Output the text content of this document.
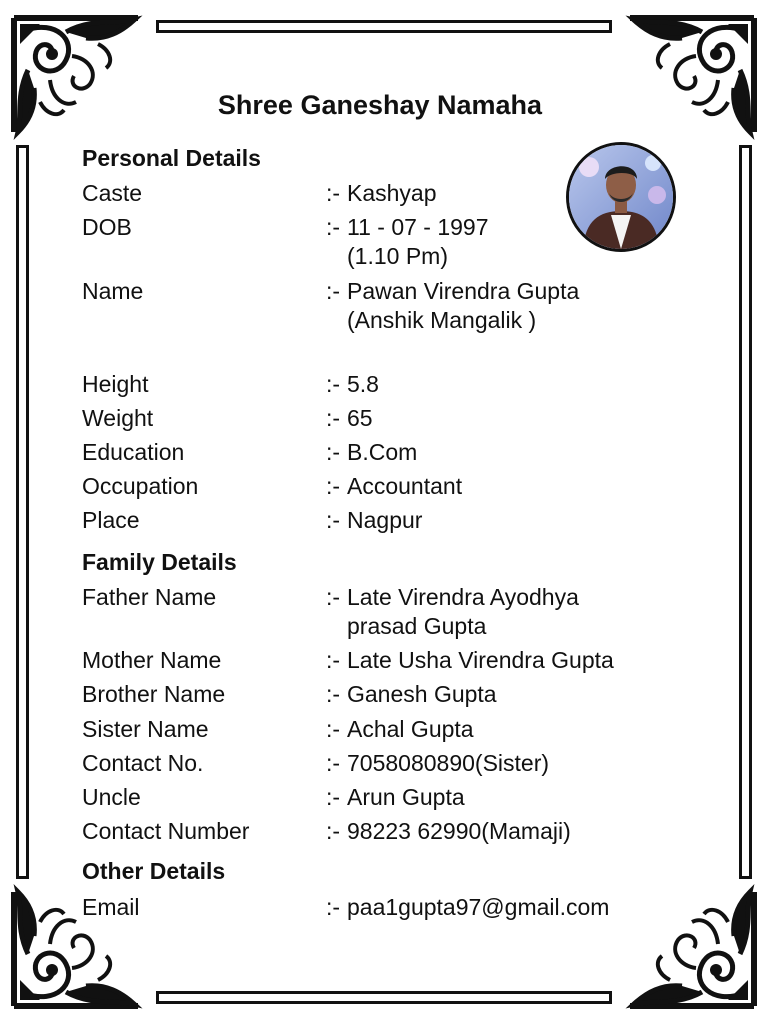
Shree Ganeshay Namaha
Personal Details
Caste	:- Kashyap
DOB	:- 11 - 07 - 1997
(1.10 Pm)
Name	:- Pawan Virendra Gupta
(Anshik Mangalik )
Height	:- 5.8
Weight	:- 65
Education	:- B.Com
Occupation	:- Accountant
Place	:- Nagpur
Family Details
Father Name	:- Late Virendra Ayodhya
prasad Gupta
Mother Name	:- Late Usha Virendra Gupta
Brother Name	:- Ganesh Gupta
Sister Name	:- Achal Gupta
Contact No.	:- 7058080890(Sister)
Uncle	:- Arun Gupta
Contact Number	:- 98223 62990(Mamaji)
Other Details
Email	:- paa1gupta97@gmail.com
